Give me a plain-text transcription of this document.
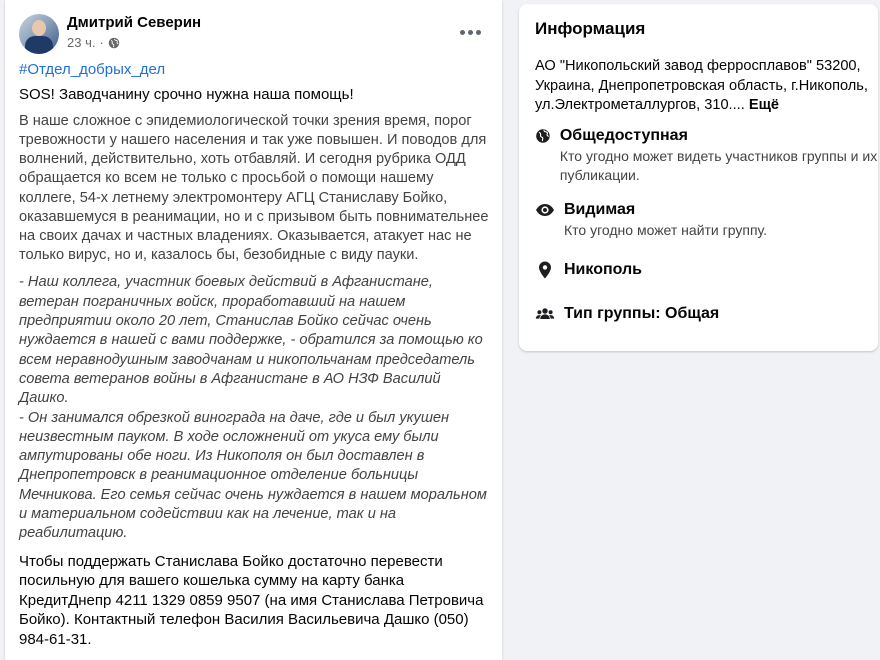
Дмитрий Северин
23 ч. ·
#Отдел_добрых_дел
SOS! Заводчанину срочно нужна наша помощь!
В наше сложное с эпидемиологической точки зрения время, порог тревожности у нашего населения и так уже повышен. И поводов для волнений, действительно, хоть отбавляй. И сегодня рубрика ОДД обращается ко всем не только с просьбой о помощи нашему коллеге, 54-х летнему электромонтеру АГЦ Станиславу Бойко, оказавшемуся в реанимации, но и с призывом быть повнимательнее на своих дачах и частных владениях. Оказывается, атакует нас не только вирус, но и, казалось бы, безобидные с виду пауки.
- Наш коллега, участник боевых действий в Афганистане, ветеран пограничных войск, проработавший на нашем предприятии около 20 лет, Станислав Бойко сейчас очень нуждается в нашей с вами поддержке, - обратился за помощью ко всем неравнодушным заводчанам и никопольчанам председатель совета ветеранов войны в Афганистане в АО НЗФ Василий Дашко.
- Он занимался обрезкой винограда на даче, где и был укушен неизвестным пауком. В ходе осложнений от укуса ему были ампутированы обе ноги. Из Никополя он был доставлен в Днепропетровск в реанимационное отделение больницы Мечникова. Его семья сейчас очень нуждается в нашем моральном и материальном содействии как на лечение, так и на реабилитацию.
Чтобы поддержать Станислава Бойко достаточно перевести посильную для вашего кошелька сумму на карту банка КредитДнепр 4211 1329 0859 9507 (на имя Станислава Петровича Бойко). Контактный телефон Василия Васильевича Дашко (050) 984-61-31.
Информация
АО "Никопольский завод ферросплавов" 53200, Украина, Днепропетровская область, г.Никополь, ул.Электрометаллургов, 310.... Ещё
Общедоступная
Кто угодно может видеть участников группы и их публикации.
Видимая
Кто угодно может найти группу.
Никополь
Тип группы: Общая
